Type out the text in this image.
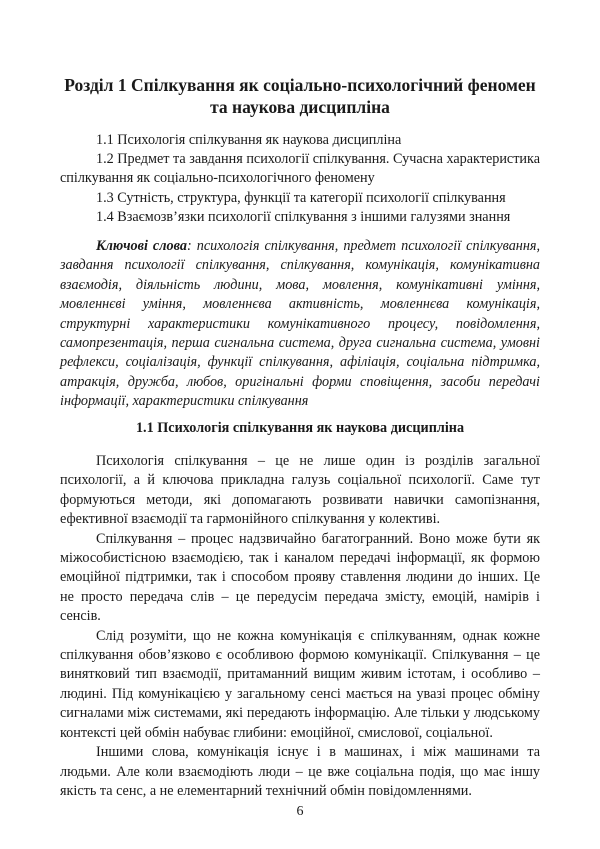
Розділ 1 Спілкування як соціально-психологічний феномен та наукова дисципліна
1.1 Психологія спілкування як наукова дисципліна
1.2 Предмет та завдання психології спілкування. Сучасна характеристика спілкування як соціально-психологічного феномену
1.3 Сутність, структура, функції та категорії психології спілкування
1.4 Взаємозв’язки психології спілкування з іншими галузями знання

Ключові слова: психологія спілкування, предмет психології спілкування, завдання психології спілкування, спілкування, комунікація, комунікативна взаємодія, діяльність людини, мова, мовлення, комунікативні уміння, мовленнєві уміння, мовленнєва активність, мовленнєва комунікація, структурні характеристики комунікативного процесу, повідомлення, самопрезентація, перша сигнальна система, друга сигнальна система, умовні рефлекси, соціалізація, функції спілкування, афіліація, соціальна підтримка, атракція, дружба, любов, оригінальні форми сповіщення, засоби передачі інформації, характеристики спілкування

1.1 Психологія спілкування як наукова дисципліна

Психологія спілкування – це не лише один із розділів загальної психології, а й ключова прикладна галузь соціальної психології. Саме тут формуються методи, які допомагають розвивати навички самопізнання, ефективної взаємодії та гармонійного спілкування у колективі.

Спілкування – процес надзвичайно багатогранний. Воно може бути як міжособистісною взаємодією, так і каналом передачі інформації, як формою емоційної підтримки, так і способом прояву ставлення людини до інших. Це не просто передача слів – це передусім передача змісту, емоцій, намірів і сенсів.

Слід розуміти, що не кожна комунікація є спілкуванням, однак кожне спілкування обов’язково є особливою формою комунікації. Спілкування – це винятковий тип взаємодії, притаманний вищим живим істотам, і особливо – людині. Під комунікацією у загальному сенсі мається на увазі процес обміну сигналами між системами, які передають інформацію. Але тільки у людському контексті цей обмін набуває глибини: емоційної, смислової, соціальної.

Іншими слова, комунікація існує і в машинах, і між машинами та людьми. Але коли взаємодіють люди – це вже соціальна подія, що має іншу якість та сенс, а не елементарний технічний обмін повідомленнями.

6
